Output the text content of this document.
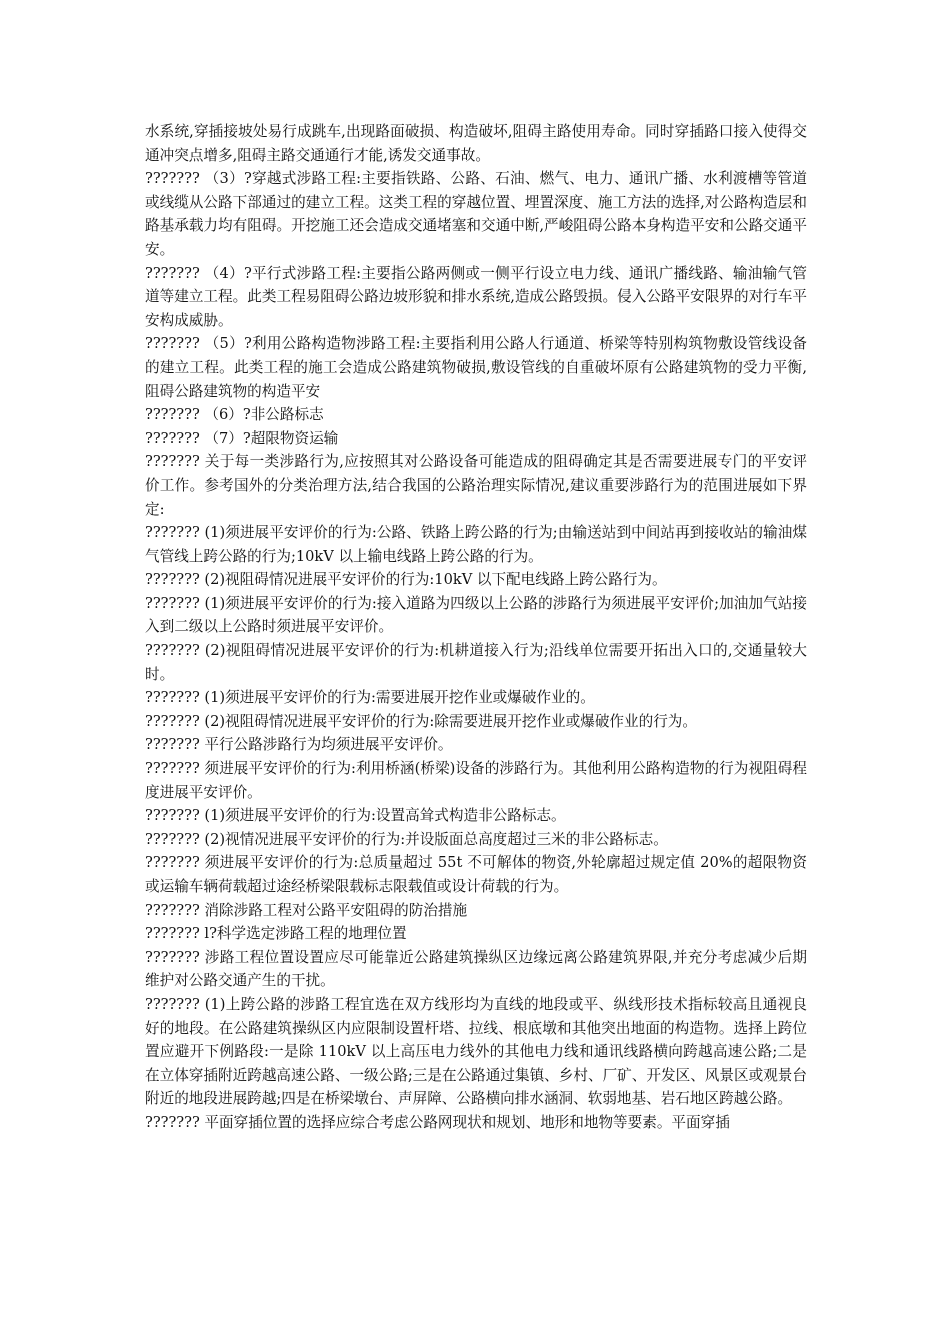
水系统,穿插接坡处易行成跳车,出现路面破损、构造破坏,阻碍主路使用寿命。同时穿插路口接入使得交通冲突点增多,阻碍主路交通通行才能,诱发交通事故。

??????? （3）?穿越式涉路工程:主要指铁路、公路、石油、燃气、电力、通讯广播、水利渡槽等管道或线缆从公路下部通过的建立工程。这类工程的穿越位置、埋置深度、施工方法的选择,对公路构造层和路基承载力均有阻碍。开挖施工还会造成交通堵塞和交通中断,严峻阻碍公路本身构造平安和公路交通平安。

??????? （4）?平行式涉路工程:主要指公路两侧或一侧平行设立电力线、通讯广播线路、输油输气管道等建立工程。此类工程易阻碍公路边坡形貌和排水系统,造成公路毁损。侵入公路平安限界的对行车平安构成威胁。

??????? （5）?利用公路构造物涉路工程:主要指利用公路人行通道、桥梁等特别构筑物敷设管线设备的建立工程。此类工程的施工会造成公路建筑物破损,敷设管线的自重破坏原有公路建筑物的受力平衡,阻碍公路建筑物的构造平安

??????? （6）?非公路标志

??????? （7）?超限物资运输

??????? 关于每一类涉路行为,应按照其对公路设备可能造成的阻碍确定其是否需要进展专门的平安评价工作。参考国外的分类治理方法,结合我国的公路治理实际情况,建议重要涉路行为的范围进展如下界定:

??????? (1)须进展平安评价的行为:公路、铁路上跨公路的行为;由输送站到中间站再到接收站的输油煤气管线上跨公路的行为;10kV 以上输电线路上跨公路的行为。

??????? (2)视阻碍情况进展平安评价的行为:10kV 以下配电线路上跨公路行为。

??????? (1)须进展平安评价的行为:接入道路为四级以上公路的涉路行为须进展平安评价;加油加气站接入到二级以上公路时须进展平安评价。

??????? (2)视阻碍情况进展平安评价的行为:机耕道接入行为;沿线单位需要开拓出入口的,交通量较大时。

??????? (1)须进展平安评价的行为:需要进展开挖作业或爆破作业的。

??????? (2)视阻碍情况进展平安评价的行为:除需要进展开挖作业或爆破作业的行为。

??????? 平行公路涉路行为均须进展平安评价。

??????? 须进展平安评价的行为:利用桥涵(桥梁)设备的涉路行为。其他利用公路构造物的行为视阻碍程度进展平安评价。

??????? (1)须进展平安评价的行为:设置高耸式构造非公路标志。

??????? (2)视情况进展平安评价的行为:并设版面总高度超过三米的非公路标志。

??????? 须进展平安评价的行为:总质量超过 55t 不可解体的物资,外轮廓超过规定值 20%的超限物资或运输车辆荷载超过途经桥梁限载标志限载值或设计荷载的行为。

??????? 消除涉路工程对公路平安阻碍的防治措施

??????? l?科学选定涉路工程的地理位置

??????? 涉路工程位置设置应尽可能靠近公路建筑操纵区边缘远离公路建筑界限,并充分考虑减少后期维护对公路交通产生的干扰。

??????? (1)上跨公路的涉路工程宜选在双方线形均为直线的地段或平、纵线形技术指标较高且通视良好的地段。在公路建筑操纵区内应限制设置杆塔、拉线、根底墩和其他突出地面的构造物。选择上跨位置应避开下例路段:一是除 110kV 以上高压电力线外的其他电力线和通讯线路横向跨越高速公路;二是在立体穿插附近跨越高速公路、一级公路;三是在公路通过集镇、乡村、厂矿、开发区、风景区或观景台附近的地段进展跨越;四是在桥梁墩台、声屏障、公路横向排水涵洞、软弱地基、岩石地区跨越公路。

??????? 平面穿插位置的选择应综合考虑公路网现状和规划、地形和地物等要素。平面穿插
